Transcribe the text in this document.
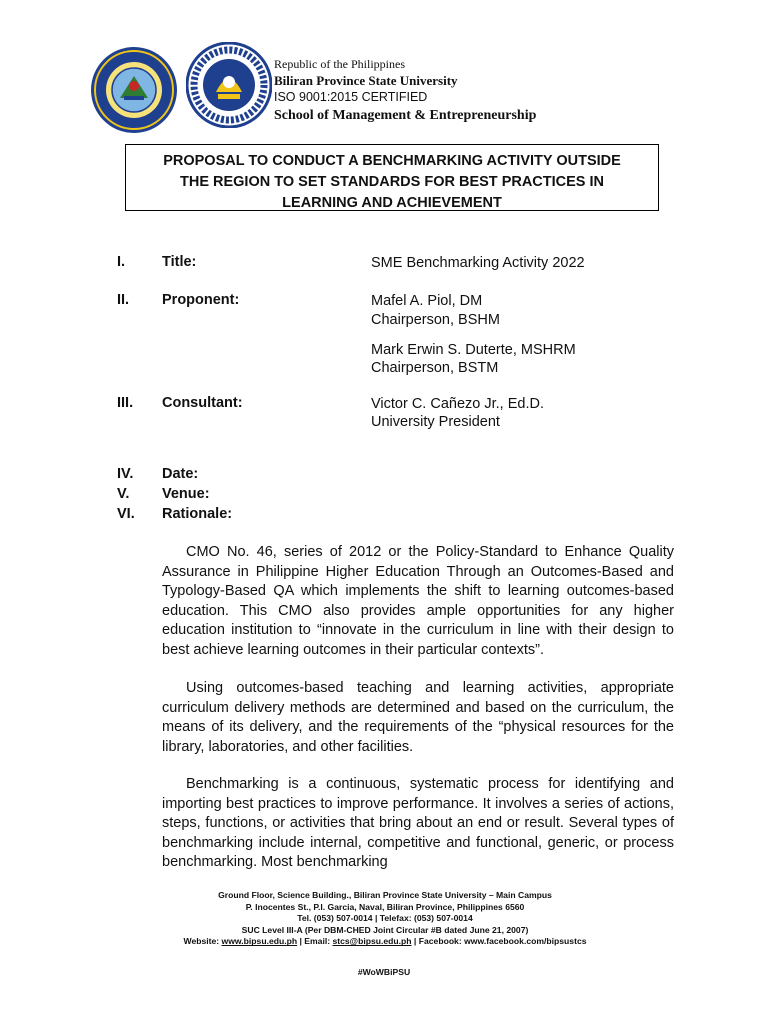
Republic of the Philippines
Biliran Province State University
ISO 9001:2015 CERTIFIED
School of Management & Entrepreneurship
PROPOSAL TO CONDUCT A BENCHMARKING ACTIVITY OUTSIDE
THE REGION TO SET STANDARDS FOR BEST PRACTICES IN
LEARNING AND ACHIEVEMENT
I.	Title:	SME Benchmarking Activity 2022
II. Proponent:	Mafel A. Piol, DM
Chairperson, BSHM
Mark Erwin S. Duterte, MSHRM
Chairperson, BSTM
III. Consultant:	Victor C. Cañezo Jr., Ed.D.
University President
IV. Date:
V. Venue:
VI. Rationale:

CMO No. 46, series of 2012 or the Policy-Standard to Enhance Quality Assurance in Philippine Higher Education Through an Outcomes-Based and Typology-Based QA which implements the shift to learning outcomes-based education. This CMO also provides ample opportunities for any higher education institution to “innovate in the curriculum in line with their design to best achieve learning outcomes in their particular contexts”.

Using outcomes-based teaching and learning activities, appropriate curriculum delivery methods are determined and based on the curriculum, the means of its delivery, and the requirements of the “physical resources for the library, laboratories, and other facilities.

Benchmarking is a continuous, systematic process for identifying and importing best practices to improve performance. It involves a series of actions, steps, functions, or activities that bring about an end or result. Several types of benchmarking include internal, competitive and functional, generic, or process benchmarking. Most benchmarking

Ground Floor, Science Building., Biliran Province State University – Main Campus
P. Inocentes St., P.I. Garcia, Naval, Biliran Province, Philippines 6560
Tel. (053) 507-0014 | Telefax: (053) 507-0014
SUC Level III-A (Per DBM-CHED Joint Circular #B dated June 21, 2007)
Website: www.bipsu.edu.ph | Email: stcs@bipsu.edu.ph | Facebook: www.facebook.com/bipsustcs
#WoWBiPSU
